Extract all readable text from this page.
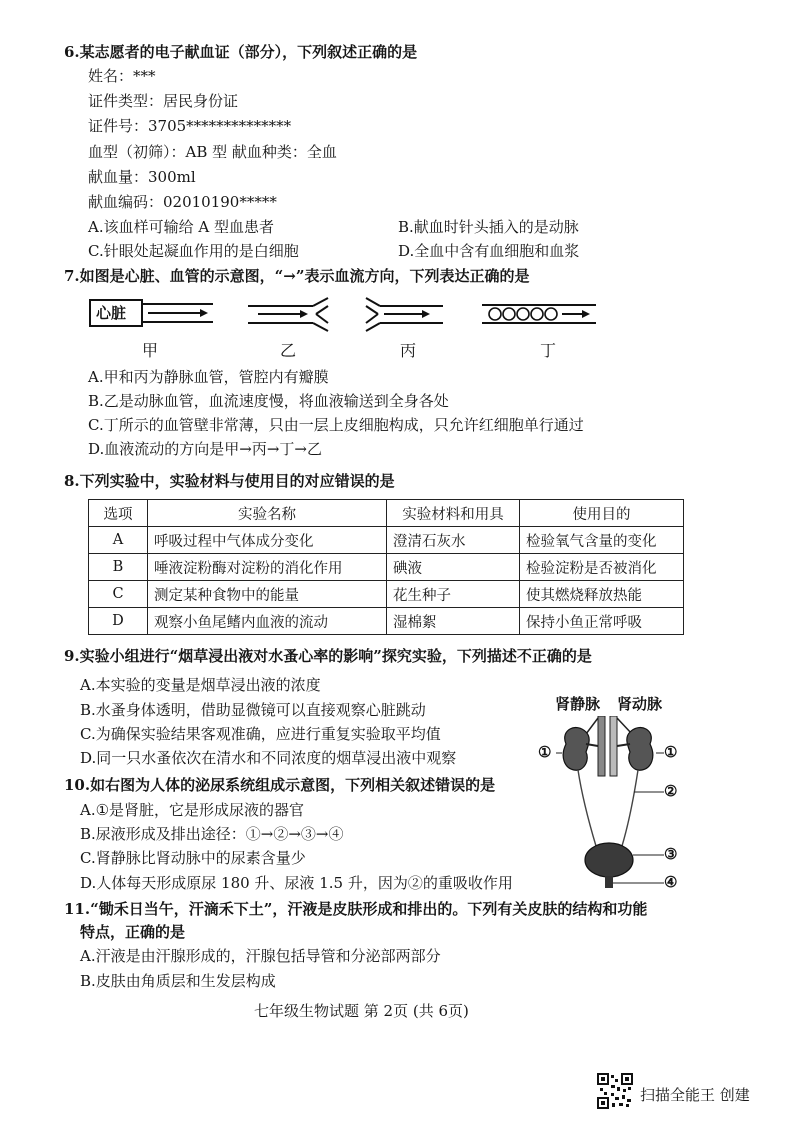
6.某志愿者的电子献血证（部分），下列叙述正确的是
姓名：***
证件类型：居民身份证
证件号：3705**************
血型（初筛）：AB 型 献血种类：全血
献血量：300ml
献血编码：02010190*****
A.该血样可输给 A 型血患者	B.献血时针头插入的是动脉
C.针眼处起凝血作用的是白细胞	D.全血中含有血细胞和血浆
7.如图是心脏、血管的示意图，“→”表示血流方向，下列表达正确的是
心脏
甲	乙	丙	丁
A.甲和丙为静脉血管，管腔内有瓣膜
B.乙是动脉血管，血流速度慢，将血液输送到全身各处
C.丁所示的血管壁非常薄，只由一层上皮细胞构成，只允许红细胞单行通过
D.血液流动的方向是甲→丙→丁→乙
8.下列实验中，实验材料与使用目的对应错误的是
选项	实验名称	实验材料和用具	使用目的
A	呼吸过程中气体成分变化	澄清石灰水	检验氧气含量的变化
B	唾液淀粉酶对淀粉的消化作用	碘液	检验淀粉是否被消化
C	测定某种食物中的能量	花生种子	使其燃烧释放热能
D	观察小鱼尾鳍内血液的流动	湿棉絮	保持小鱼正常呼吸
9.实验小组进行“烟草浸出液对水蚤心率的影响”探究实验，下列描述不正确的是
A.本实验的变量是烟草浸出液的浓度
B.水蚤身体透明，借助显微镜可以直接观察心脏跳动
C.为确保实验结果客观准确，应进行重复实验取平均值
D.同一只水蚤依次在清水和不同浓度的烟草浸出液中观察
肾静脉 肾动脉
①	①
②
③
④
10.如右图为人体的泌尿系统组成示意图，下列相关叙述错误的是
A.①是肾脏，它是形成尿液的器官
B.尿液形成及排出途径：①→②→③→④
C.肾静脉比肾动脉中的尿素含量少
D.人体每天形成原尿 180 升、尿液 1.5 升，因为②的重吸收作用
11.“锄禾日当午，汗滴禾下土”，汗液是皮肤形成和排出的。下列有关皮肤的结构和功能
特点，正确的是
A.汗液是由汗腺形成的，汗腺包括导管和分泌部两部分
B.皮肤由角质层和生发层构成
七年级生物试题 第 2页 (共 6页)
扫描全能王 创建
